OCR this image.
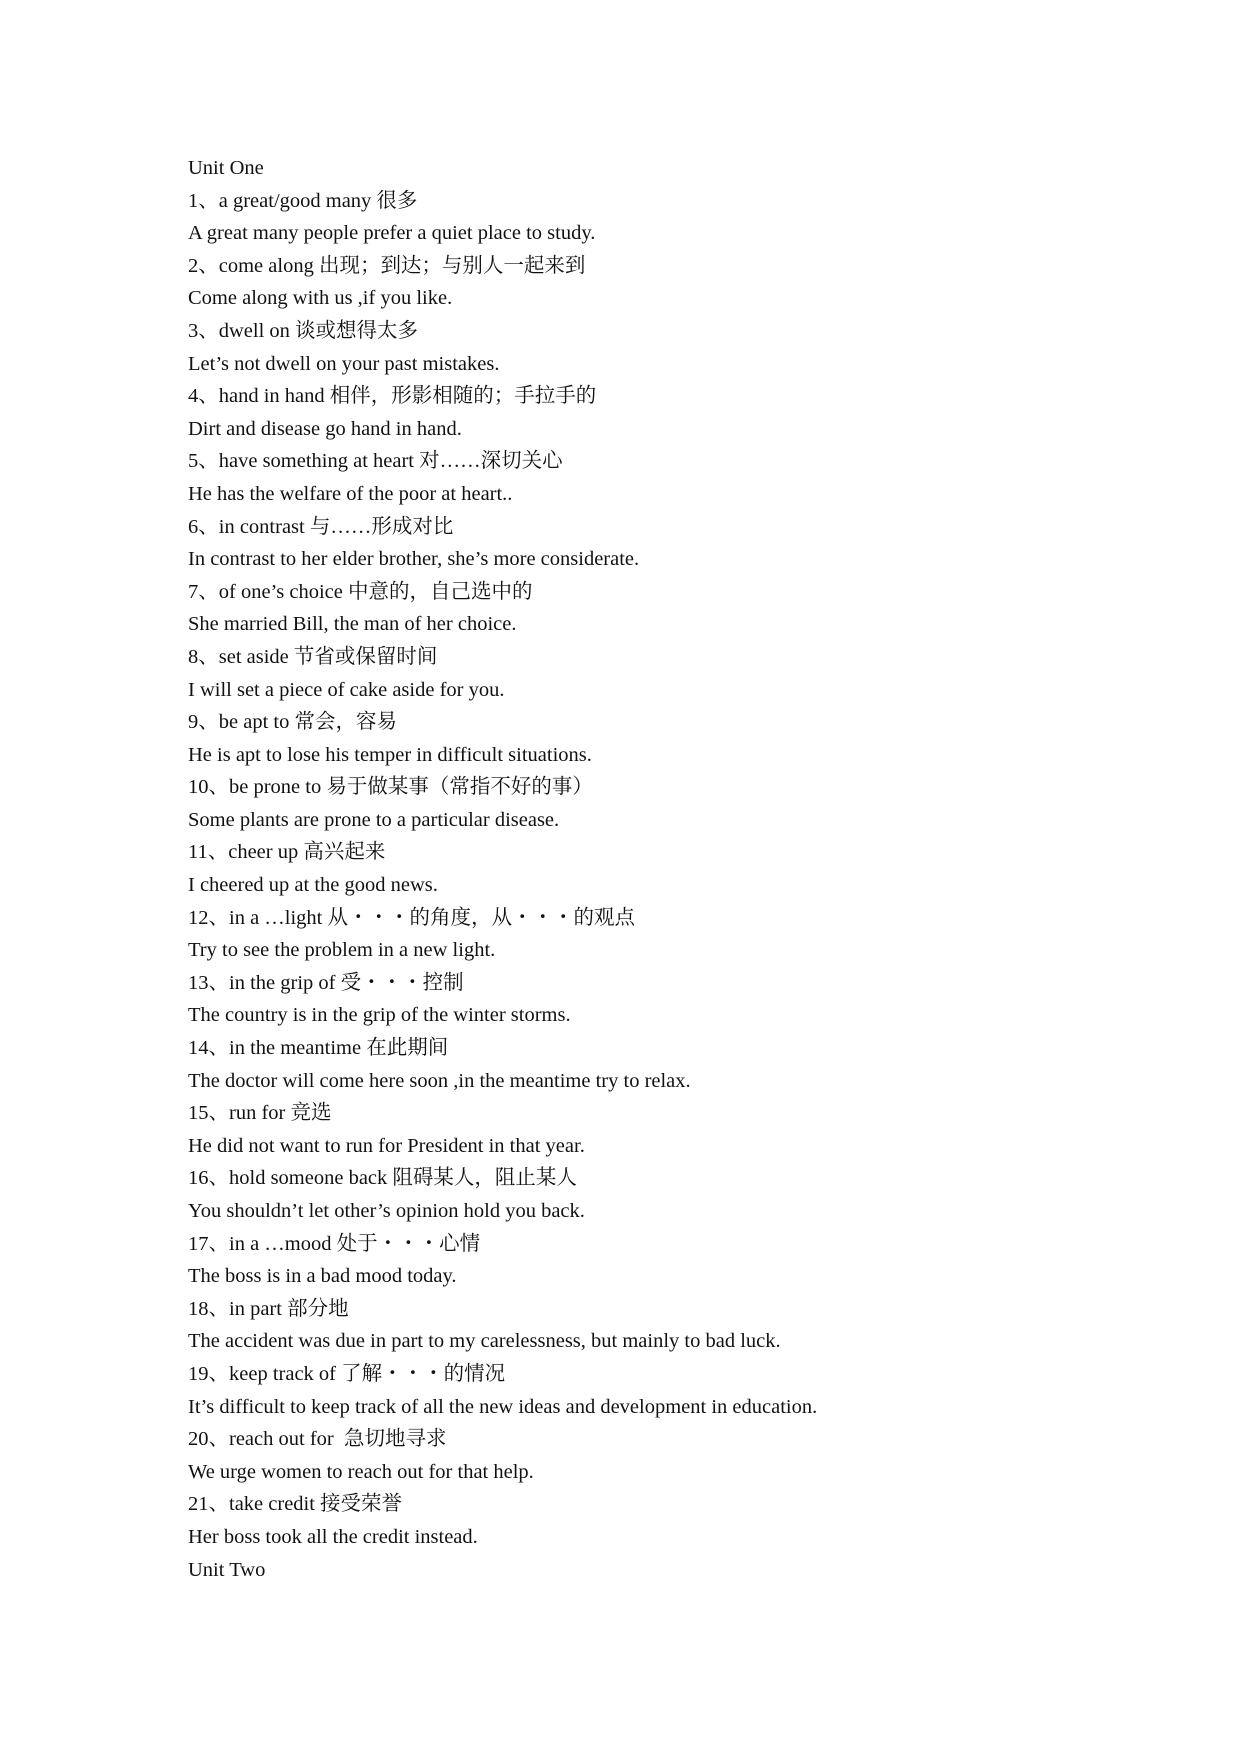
Unit One
1、a great/good many 很多
A great many people prefer a quiet place to study.
2、come along 出现；到达；与别人一起来到
Come along with us ,if you like.
3、dwell on 谈或想得太多
Let’s not dwell on your past mistakes.
4、hand in hand 相伴，形影相随的；手拉手的
Dirt and disease go hand in hand.
5、have something at heart 对……深切关心
He has the welfare of the poor at heart..
6、in contrast 与……形成对比
In contrast to her elder brother, she’s more considerate.
7、of one’s choice 中意的，自己选中的
She married Bill, the man of her choice.
8、set aside 节省或保留时间
I will set a piece of cake aside for you.
9、be apt to 常会，容易
He is apt to lose his temper in difficult situations.
10、be prone to 易于做某事（常指不好的事）
Some plants are prone to a particular disease.
11、cheer up 高兴起来
I cheered up at the good news.
12、in a …light 从・・・的角度，从・・・的观点
Try to see the problem in a new light.
13、in the grip of 受・・・控制
The country is in the grip of the winter storms.
14、in the meantime 在此期间
The doctor will come here soon ,in the meantime try to relax.
15、run for 竞选
He did not want to run for President in that year.
16、hold someone back 阻碍某人，阻止某人
You shouldn’t let other’s opinion hold you back.
17、in a …mood 处于・・・心情
The boss is in a bad mood today.
18、in part 部分地
The accident was due in part to my carelessness, but mainly to bad luck.
19、keep track of 了解・・・的情况
It’s difficult to keep track of all the new ideas and development in education.
20、reach out for  急切地寻求
We urge women to reach out for that help.
21、take credit 接受荣誉
Her boss took all the credit instead.
Unit Two
